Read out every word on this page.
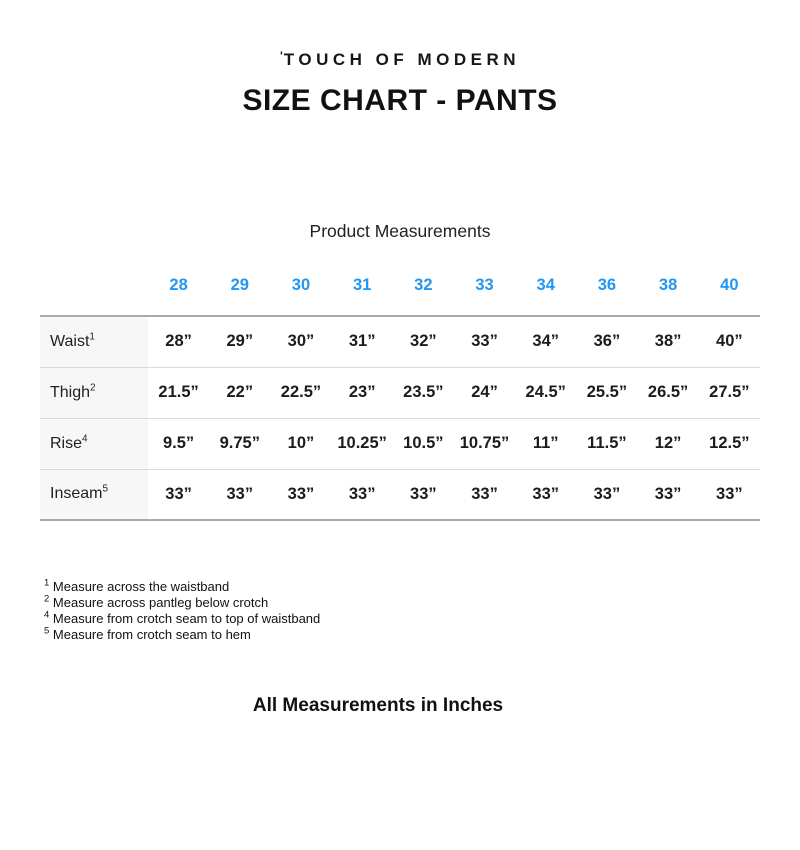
'TOUCH OF MODERN
SIZE CHART - PANTS
Product Measurements
	28	29	30	31	32	33	34	36	38	40
Waist$^1$	28”	29”	30”	31”	32”	33”	34”	36”	38”	40”
Thigh$^2$	21.5”	22”	22.5”	23”	23.5”	24”	24.5”	25.5”	26.5”	27.5”
Rise$^4$	9.5”	9.75”	10”	10.25”	10.5”	10.75”	11”	11.5”	12”	12.5”
Inseam$^5$	33”	33”	33”	33”	33”	33”	33”	33”	33”	33”
$^1$ Measure across the waistband
$^2$ Measure across pantleg below crotch
$^4$ Measure from crotch seam to top of waistband
$^5$ Measure from crotch seam to hem
All Measurements in Inches
